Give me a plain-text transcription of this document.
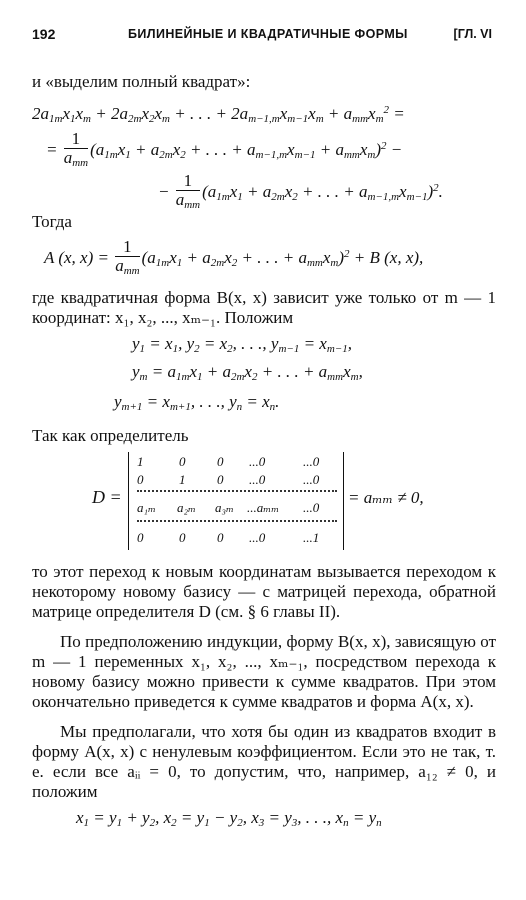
192	БИЛИНЕЙНЫЕ И КВАДРАТИЧНЫЕ ФОРМЫ	[ГЛ. VI
и «выделим полный квадрат»:
$2a_{1m}x_1x_m + 2a_{2m}x_2x_m$ + . . . + $2a_{m-1,m}x_{m-1}x_m + a_{mm}x_m^2$ =
= $\frac{1}{a_{mm}} (a_{1m}x_1 + a_{2m}x_2$ + . . . + $a_{m-1,m}x_{m-1} + a_{mm}x_m)^2$ −
− $\frac{1}{a_{mm}} (a_{1m}x_1 + a_{2m}x_2$ + . . . + $a_{m-1,m}x_{m-1})^2$.
Тогда
A (x, $x) = \frac{1}{a_{mm}} (a_{1m}x_1 + a_{2m}x_2$ + . . . + $a_{mm}x_m)^2 + B$ (x, x),
где квадратичная форма B(x, x) зависит уже только от m — 1 координат: x₁, x₂, ..., xₘ₋₁. Положим
$y_1 = x_1$, $y_2 = x_2$, . . ., $y_{m-1} = x_{m-1}$,
$y_m = a_{1m}x_1 + a_{2m}x_2$ + . . . + $a_{mm}x_m$,
$y_{m+1} = x_{m+1}$, . . ., $y_n = x_n$.
Так как определитель
D =
1	0 0 ...0	...0
0	1 0 ...0	...0
a₁ₘ a₂ₘ a₃ₘ ...aₘₘ ...0
0	0 0 ...0	...1
= aₘₘ ≠ 0,
то этот переход к новым координатам вызывается переходом к некоторому новому базису — с матрицей перехода, обратной матрице определителя D (см. § 6 главы II).
По предположению индукции, форму B(x, x), зависящую от m — 1 переменных x₁, x₂, ..., xₘ₋₁, посредством перехода к новому базису можно привести к сумме квадратов. При этом окончательно приведется к сумме квадратов и форма A(x, x).
Мы предполагали, что хотя бы один из квадратов входит в форму A(x, x) с ненулевым коэффициентом. Если это не так, т. е. если все aᵢᵢ = 0, то допустим, что, например, a₁₂ ≠ 0, и положим
$x_1 = y_1 + y_2$, $x_2 = y_1 - y_2$, $x_3 = y_3$, . . ., $x_n = y_n$
